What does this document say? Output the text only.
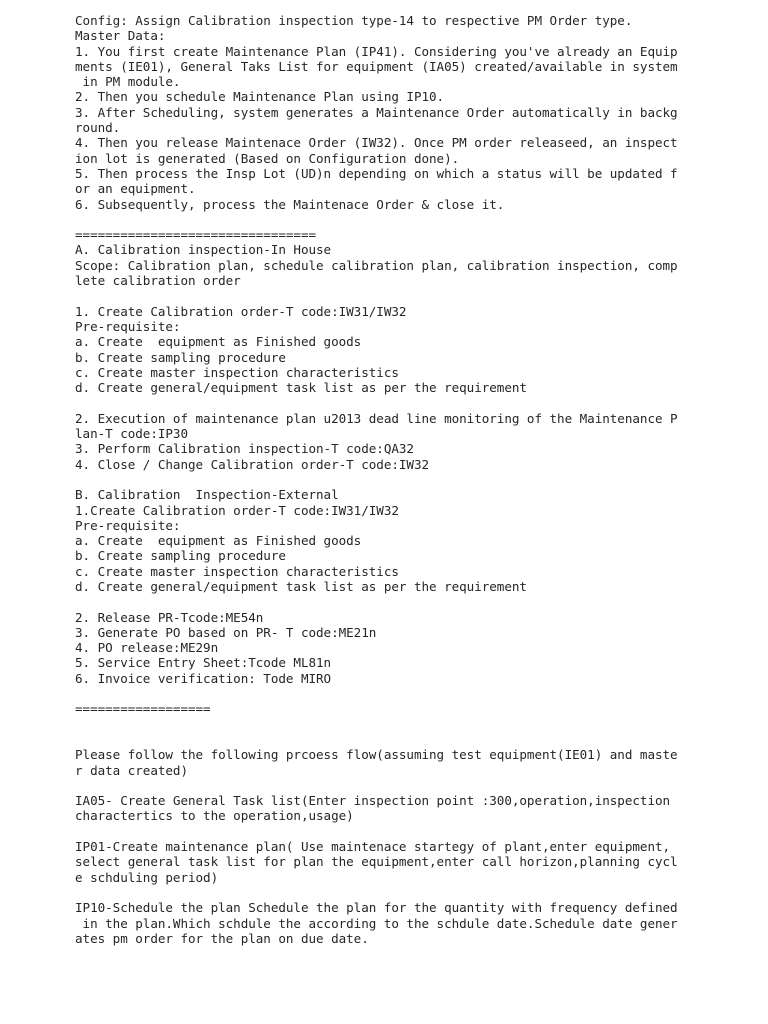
Config: Assign Calibration inspection type-14 to respective PM Order type.
Master Data:
1. You first create Maintenance Plan (IP41). Considering you've already an Equip
ments (IE01), General Taks List for equipment (IA05) created/available in system
in PM module.
2. Then you schedule Maintenance Plan using IP10.
3. After Scheduling, system generates a Maintenance Order automatically in backg
round.
4. Then you release Maintenace Order (IW32). Once PM order releaseed, an inspect
ion lot is generated (Based on Configuration done).
5. Then process the Insp Lot (UD)n depending on which a status will be updated f
or an equipment.
6. Subsequently, process the Maintenace Order & close it.
================================
A. Calibration inspection-In House
Scope: Calibration plan, schedule calibration plan, calibration inspection, comp
lete calibration order
1. Create Calibration order-T code:IW31/IW32
Pre-requisite:
a. Create  equipment as Finished goods
b. Create sampling procedure
c. Create master inspection characteristics
d. Create general/equipment task list as per the requirement
2. Execution of maintenance plan u2013 dead line monitoring of the Maintenance P
lan-T code:IP30
3. Perform Calibration inspection-T code:QA32
4. Close / Change Calibration order-T code:IW32
B. Calibration  Inspection-External
1.Create Calibration order-T code:IW31/IW32
Pre-requisite:
a. Create  equipment as Finished goods
b. Create sampling procedure
c. Create master inspection characteristics
d. Create general/equipment task list as per the requirement
2. Release PR-Tcode:ME54n
3. Generate PO based on PR- T code:ME21n
4. PO release:ME29n
5. Service Entry Sheet:Tcode ML81n
6. Invoice verification: Tode MIRO
==================
Please follow the following prcoess flow(assuming test equipment(IE01) and maste
r data created)
IA05- Create General Task list(Enter inspection point :300,operation,inspection
charactertics to the operation,usage)
IP01-Create maintenance plan( Use maintenace startegy of plant,enter equipment,
select general task list for plan the equipment,enter call horizon,planning cycl
e schduling period)
IP10-Schedule the plan Schedule the plan for the quantity with frequency defined
in the plan.Which schdule the according to the schdule date.Schedule date gener
ates pm order for the plan on due date.
